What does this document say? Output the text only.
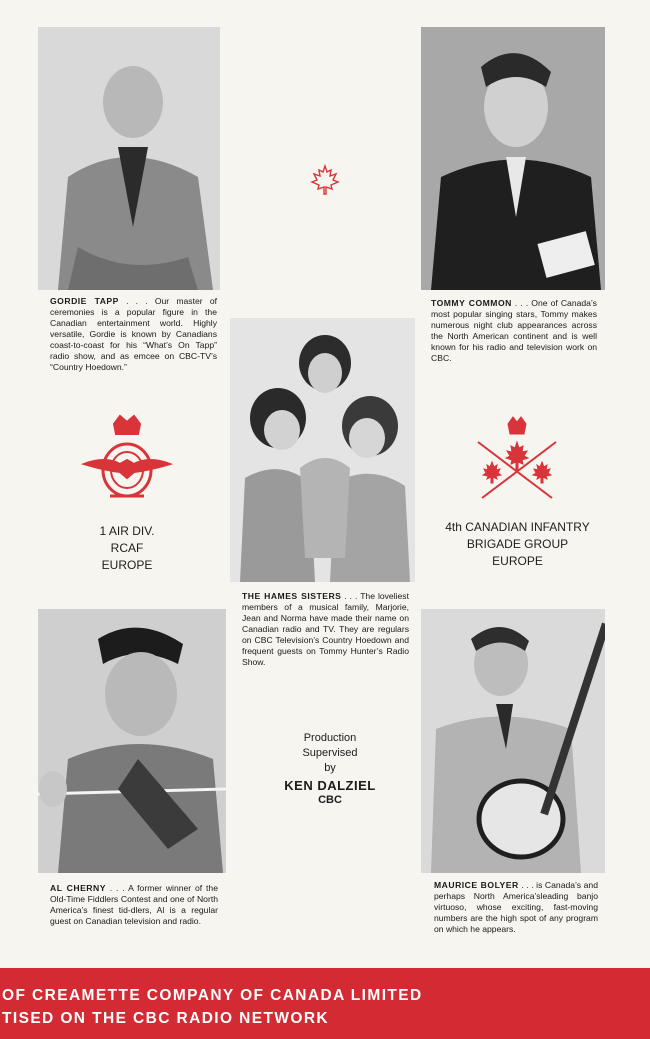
GORDIE TAPP . . . Our master of ceremonies is a popular figure in the Canadian entertainment world. Highly versatile, Gordie is known by Canadians coast-to-coast for his “What’s On Tapp” radio show, and as emcee on CBC-TV’s “Country Hoedown.”
TOMMY COMMON . . . One of Canada’s most popular singing stars, Tommy makes numerous night club appearances across the North American continent and is well known for his radio and television work on CBC.
1 AIR DIV.
RCAF
EUROPE
4th CANADIAN INFANTRY
BRIGADE GROUP
EUROPE
THE HAMES SISTERS . . . The loveliest members of a musical family, Marjorie, Jean and Norma have made their name on Canadian radio and TV. They are regulars on CBC Television’s Country Hoedown and frequent guests on Tommy Hunter’s Radio Show.
Production
Supervised
by
KEN DALZIEL
CBC
AL CHERNY . . . A former winner of the Old-Time Fiddlers Contest and one of North America’s finest tid-dlers, Al is a regular guest on Canadian television and radio.
MAURICE BOLYER . . . is Canada’s and perhaps North America’sleading banjo virtuoso, whose exciting, fast-moving numbers are the high spot of any program on which he appears.
OF CREAMETTE COMPANY OF CANADA LIMITED
TISED ON THE CBC RADIO NETWORK
